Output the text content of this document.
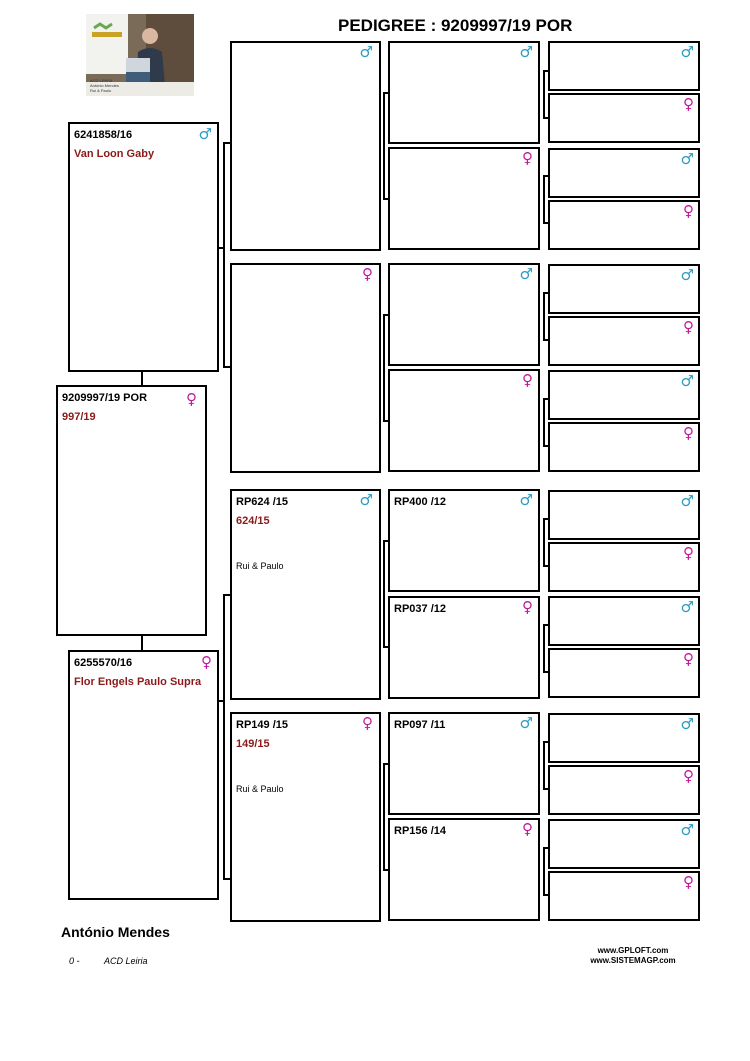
PEDIGREE : 9209997/19 POR
ACD LEIRIA
António Mendes
Rui & Paulo
6241858/16
Van Loon Gaby
♂
9209997/19 POR
997/19
♀
6255570/16
Flor Engels Paulo Supra
♀
♂
♀
RP624 /15
624/15
Rui & Paulo
♂
RP149 /15
149/15
Rui & Paulo
♀
♂
♀
♂
♀
RP400 /12	♂
RP037 /12	♀
RP097 /11	♂
RP156 /14	♀
♂
♀
♂
♀
♂
♀
♂
♀
♂
♀
♂
♀
♂
♀
♂
♀
António Mendes
0 -	ACD Leiria
www.GPLOFT.com
www.SISTEMAGP.com
